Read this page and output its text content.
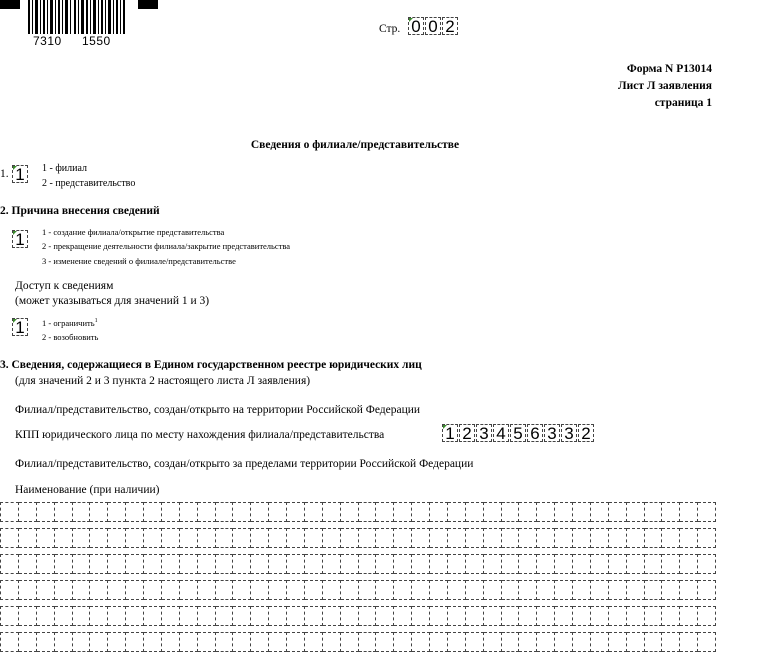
7310 1550
Стр. 0 0 2
Форма N Р13014
Лист Л заявления
страница 1
Сведения о филиале/представительстве
1. 1	1 - филиал
2 - представительство
2. Причина внесения сведений
1	1 - создание филиала/открытие представительства
2 - прекращение деятельности филиала/закрытие представительства
3 - изменение сведений о филиале/представительстве
Доступ к сведениям
(может указываться для значений 1 и 3)
1	1 - ограничить$^1$
2 - возобновить
3. Сведения, содержащиеся в Едином государственном реестре юридических лиц
(для значений 2 и 3 пункта 2 настоящего листа Л заявления)
Филиал/представительство, создан/открыто на территории Российской Федерации
КПП юридического лица по месту нахождения филиала/представительства	1 2 3 4 5 6 3 3 2
Филиал/представительство, создан/открыто за пределами территории Российской Федерации
Наименование (при наличии)
